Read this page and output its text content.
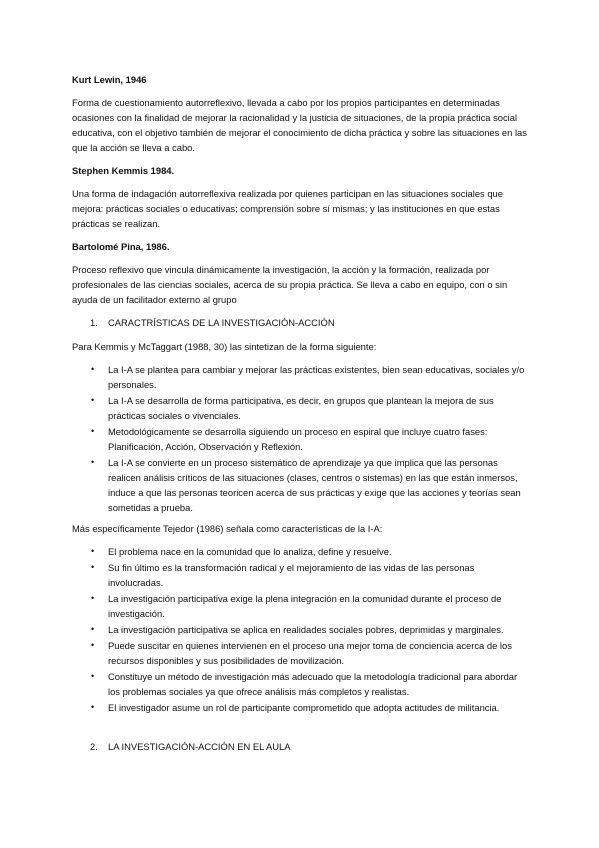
Kurt Lewin, 1946

Forma de cuestionamiento autorreflexivo, llevada a cabo por los propios participantes en determinadas ocasiones con la finalidad de mejorar la racionalidad y la justicia de situaciones, de la propia práctica social educativa, con el objetivo también de mejorar el conocimiento de dicha práctica y sobre las situaciones en las que la acción se lleva a cabo.

Stephen Kemmis 1984.

Una forma de indagación autorreflexiva realizada por quienes participan en las situaciones sociales que mejora: prácticas sociales o educativas; comprensión sobre sí mismas; y las instituciones en que estas prácticas se realizan.

Bartolomé Pina, 1986.

Proceso reflexivo que vincula dinámicamente la investigación, la acción y la formación, realizada por profesionales de las ciencias sociales, acerca de su propia práctica. Se lleva a cabo en equipo, con o sin ayuda de un facilitador externo al grupo

1.	CARACTRÍSTICAS DE LA INVESTIGACIÓN-ACCIÓN

Para Kemmis y McTaggart (1988, 30) las sintetizan de la forma siguiente:

• La I-A se plantea para cambiar y mejorar las prácticas existentes, bien sean educativas, sociales y/o personales.
• La I-A se desarrolla de forma participativa, es decir, en grupos que plantean la mejora de sus prácticas sociales o vivenciales.
• Metodológicamente se desarrolla siguiendo un proceso en espiral que incluye cuatro fases: Planificación, Acción, Observación y Reflexión.
• La I-A se convierte en un proceso sistemático de aprendizaje ya que implica que las personas realicen análisis críticos de las situaciones (clases, centros o sistemas) en las que están inmersos, induce a que las personas teoricen acerca de sus prácticas y exige que las acciones y teorías sean sometidas a prueba.

Más específicamente Tejedor (1986) señala como características de la I-A:

• El problema nace en la comunidad que lo analiza, define y resuelve.
• Su fin último es la transformación radical y el mejoramiento de las vidas de las personas involucradas.
• La investigación participativa exige la plena integración en la comunidad durante el proceso de investigación.
• La investigación participativa se aplica en realidades sociales pobres, deprimidas y marginales.
• Puede suscitar en quienes intervienen en el proceso una mejor toma de conciencia acerca de los recursos disponibles y sus posibilidades de movilización.
• Constituye un método de investigación más adecuado que la metodología tradicional para abordar los problemas sociales ya que ofrece análisis más completos y realistas.
• El investigador asume un rol de participante comprometido que adopta actitudes de militancia.
2.	LA INVESTIGACIÓN-ACCIÓN EN EL AULA
